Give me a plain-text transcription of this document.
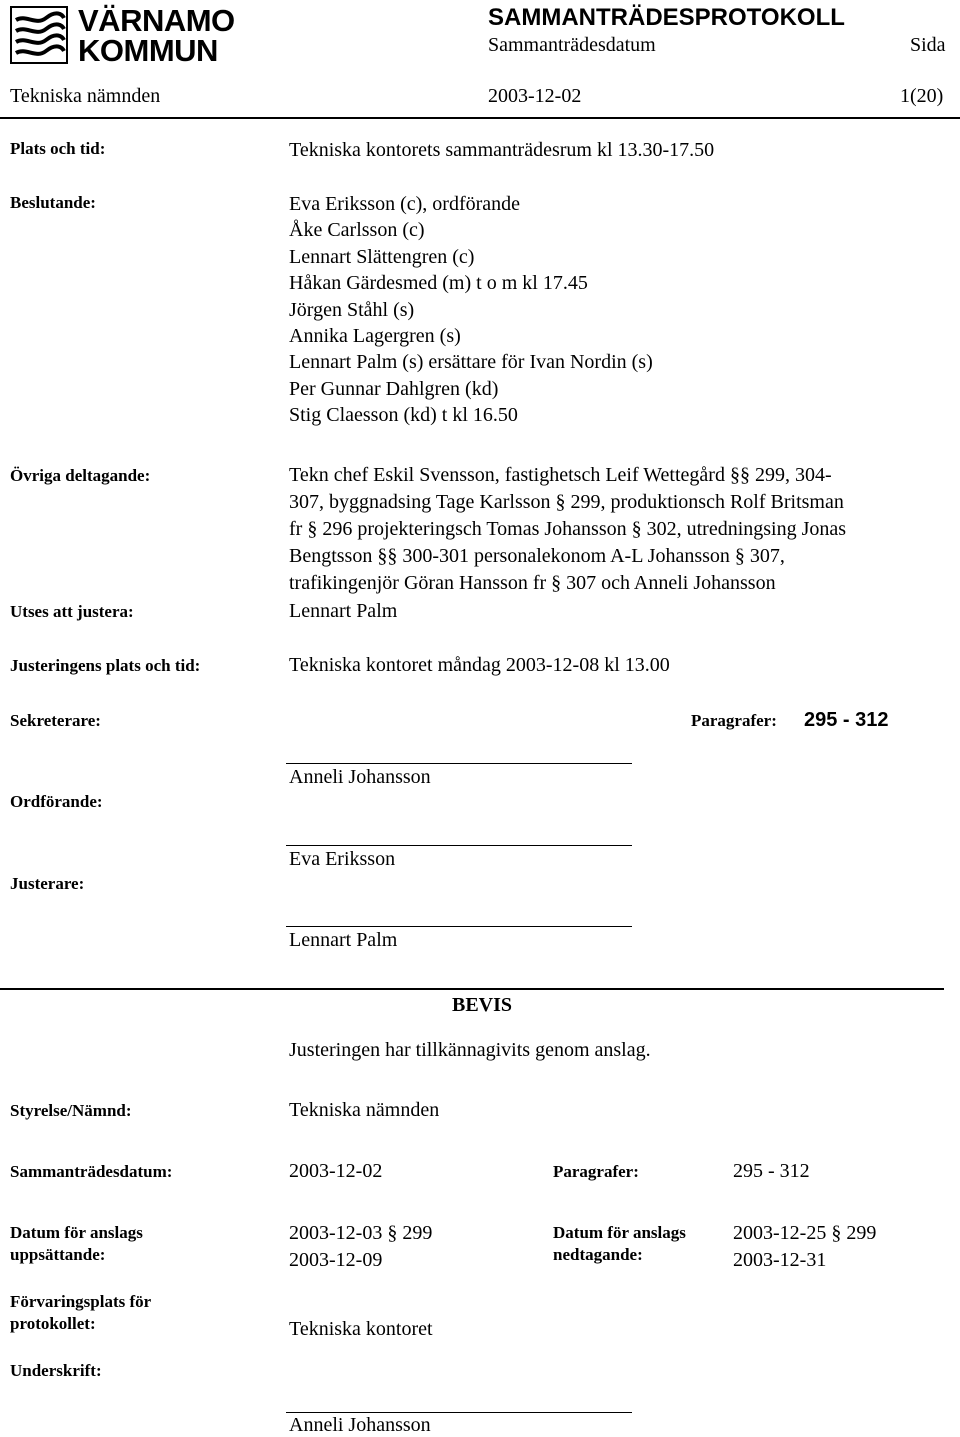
VÄRNAMO
KOMMUN
SAMMANTRÄDESPROTOKOLL
Sammanträdesdatum	Sida
Tekniska nämnden	2003-12-02	1(20)
Plats och tid:	Tekniska kontorets sammanträdesrum kl 13.30-17.50
Beslutande:	Eva Eriksson (c), ordförande
Åke Carlsson (c)
Lennart Slättengren (c)
Håkan Gärdesmed (m) t o m kl 17.45
Jörgen Ståhl (s)
Annika Lagergren (s)
Lennart Palm (s) ersättare för Ivan Nordin (s)
Per Gunnar Dahlgren (kd)
Stig Claesson (kd) t kl 16.50
Övriga deltagande:	Tekn chef Eskil Svensson, fastighetsch Leif Wettegård §§ 299, 304-
307, byggnadsing Tage Karlsson § 299, produktionsch Rolf Britsman
fr § 296 projekteringsch Tomas Johansson § 302, utredningsing Jonas
Bengtsson §§ 300-301 personalekonom A-L Johansson § 307,
trafikingenjör Göran Hansson fr § 307 och Anneli Johansson
Utses att justera:	Lennart Palm
Justeringens plats och tid:	Tekniska kontoret måndag 2003-12-08 kl 13.00
Sekreterare:	Paragrafer: 295 - 312
Anneli Johansson
Ordförande:
Eva Eriksson
Justerare:
Lennart Palm
BEVIS
Justeringen har tillkännagivits genom anslag.
Styrelse/Nämnd:	Tekniska nämnden
Sammanträdesdatum:	2003-12-02	Paragrafer:	295 - 312
Datum för anslags
uppsättande:
2003-12-03 § 299
2003-12-09
Datum för anslags
nedtagande:
2003-12-25 § 299
2003-12-31
Förvaringsplats för
protokollet:	Tekniska kontoret
Underskrift:
Anneli Johansson
